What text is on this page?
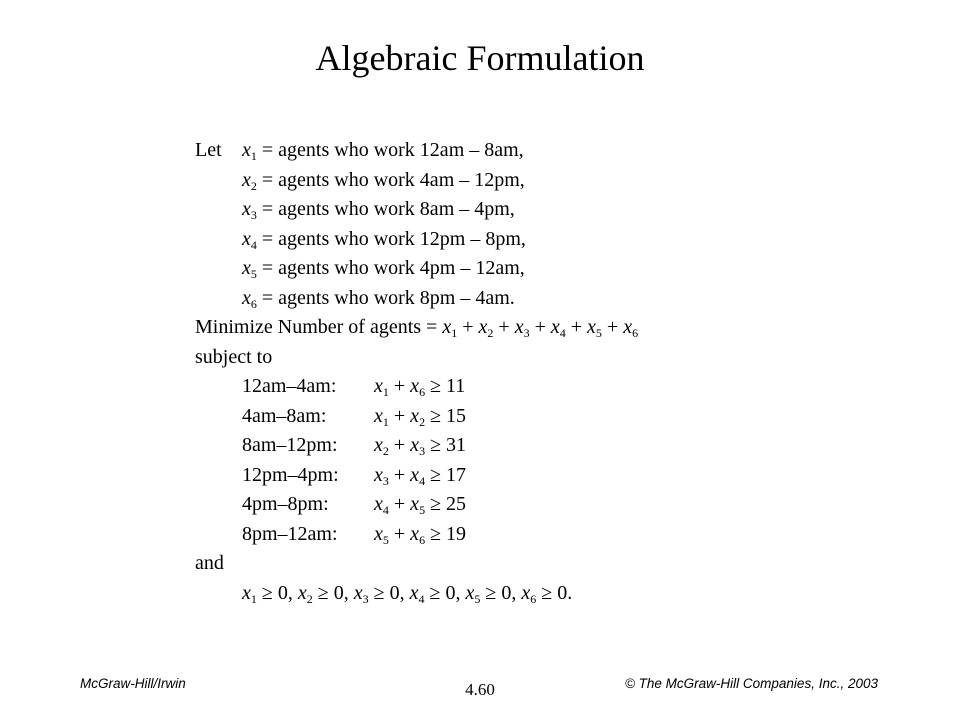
Algebraic Formulation
Let $x_1$ = agents who work 12am – 8am,
$x_2$ = agents who work 4am – 12pm,
$x_3$ = agents who work 8am – 4pm,
$x_4$ = agents who work 12pm – 8pm,
$x_5$ = agents who work 4pm – 12am,
$x_6$ = agents who work 8pm – 4am.
Minimize Number of agents = $x_1 + x_2 + x_3 + x_4 + x_5 + x_6$
subject to
12am–4am: $x_1 + x_6 \ge 11$
4am–8am: $x_1 + x_2 \ge 15$
8am–12pm: $x_2 + x_3 \ge 31$
12pm–4pm: $x_3 + x_4 \ge 17$
4pm–8pm: $x_4 + x_5 \ge 25$
8pm–12am: $x_5 + x_6 \ge 19$
and
$x_1 \ge 0$, $x_2 \ge 0$, $x_3 \ge 0$, $x_4 \ge 0$, $x_5 \ge 0$, $x_6 \ge 0$.
McGraw-Hill/Irwin	4.60	© The McGraw-Hill Companies, Inc., 2003
